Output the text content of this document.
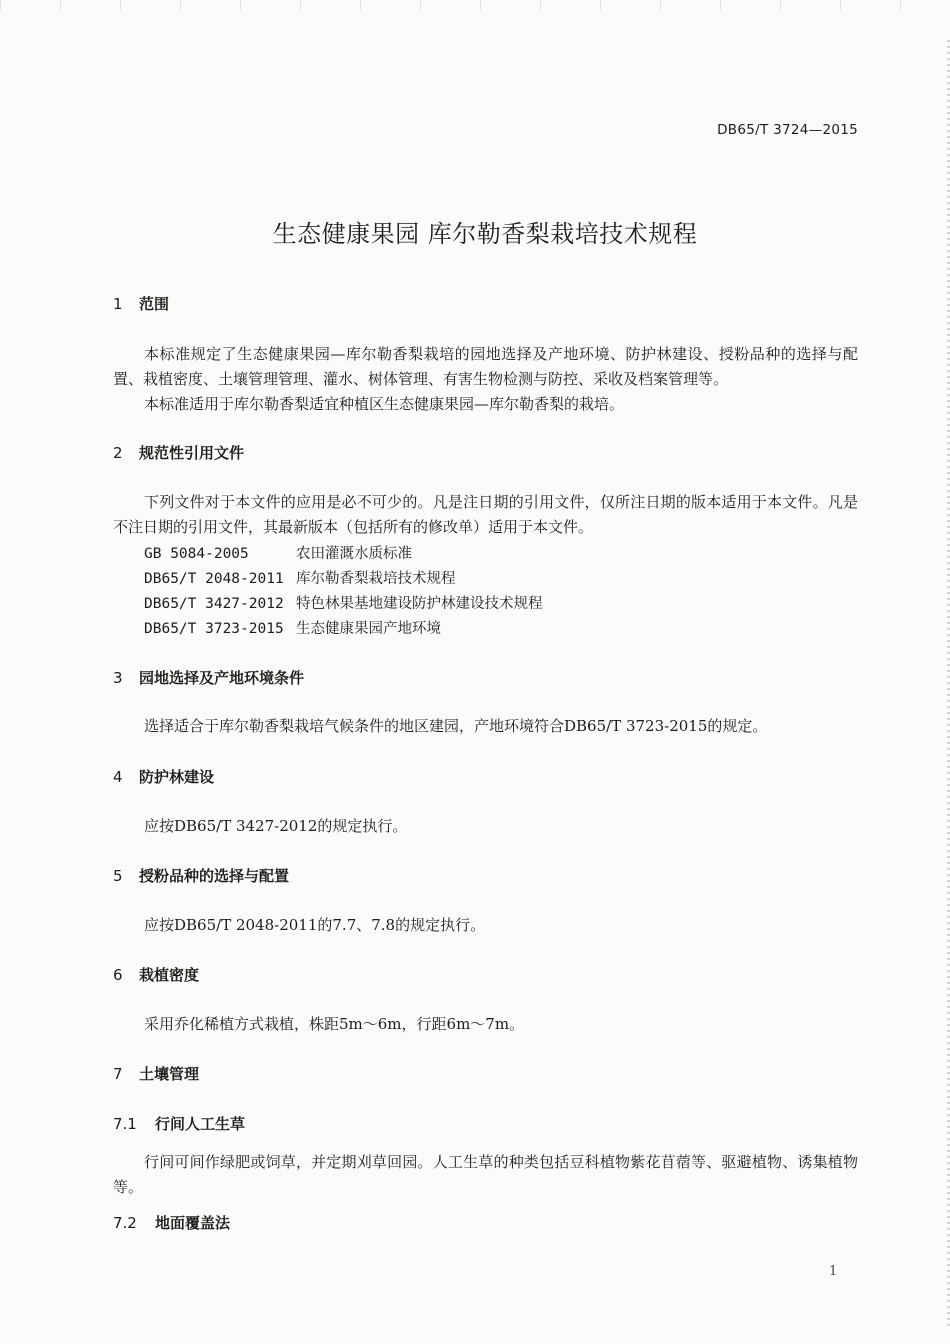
DB65/T 3724—2015
生态健康果园 库尔勒香梨栽培技术规程
1 范围
本标准规定了生态健康果园—库尔勒香梨栽培的园地选择及产地环境、防护林建设、授粉品种的选择与配置、栽植密度、土壤管理管理、灌水、树体管理、有害生物检测与防控、采收及档案管理等。
本标准适用于库尔勒香梨适宜种植区生态健康果园—库尔勒香梨的栽培。
2 规范性引用文件
下列文件对于本文件的应用是必不可少的。凡是注日期的引用文件，仅所注日期的版本适用于本文件。凡是不注日期的引用文件，其最新版本（包括所有的修改单）适用于本文件。
GB 5084-2005	农田灌溉水质标准
DB65/T 2048-2011 库尔勒香梨栽培技术规程
DB65/T 3427-2012 特色林果基地建设防护林建设技术规程
DB65/T 3723-2015 生态健康果园产地环境
3 园地选择及产地环境条件
选择适合于库尔勒香梨栽培气候条件的地区建园，产地环境符合DB65/T 3723-2015的规定。
4 防护林建设
应按DB65/T 3427-2012的规定执行。
5 授粉品种的选择与配置
应按DB65/T 2048-2011的7.7、7.8的规定执行。
6 栽植密度
采用乔化稀植方式栽植，株距5m～6m，行距6m～7m。
7 土壤管理
7.1 行间人工生草
行间可间作绿肥或饲草，并定期刈草回园。人工生草的种类包括豆科植物紫花苜蓿等、驱避植物、诱集植物等。
7.2 地面覆盖法
1
